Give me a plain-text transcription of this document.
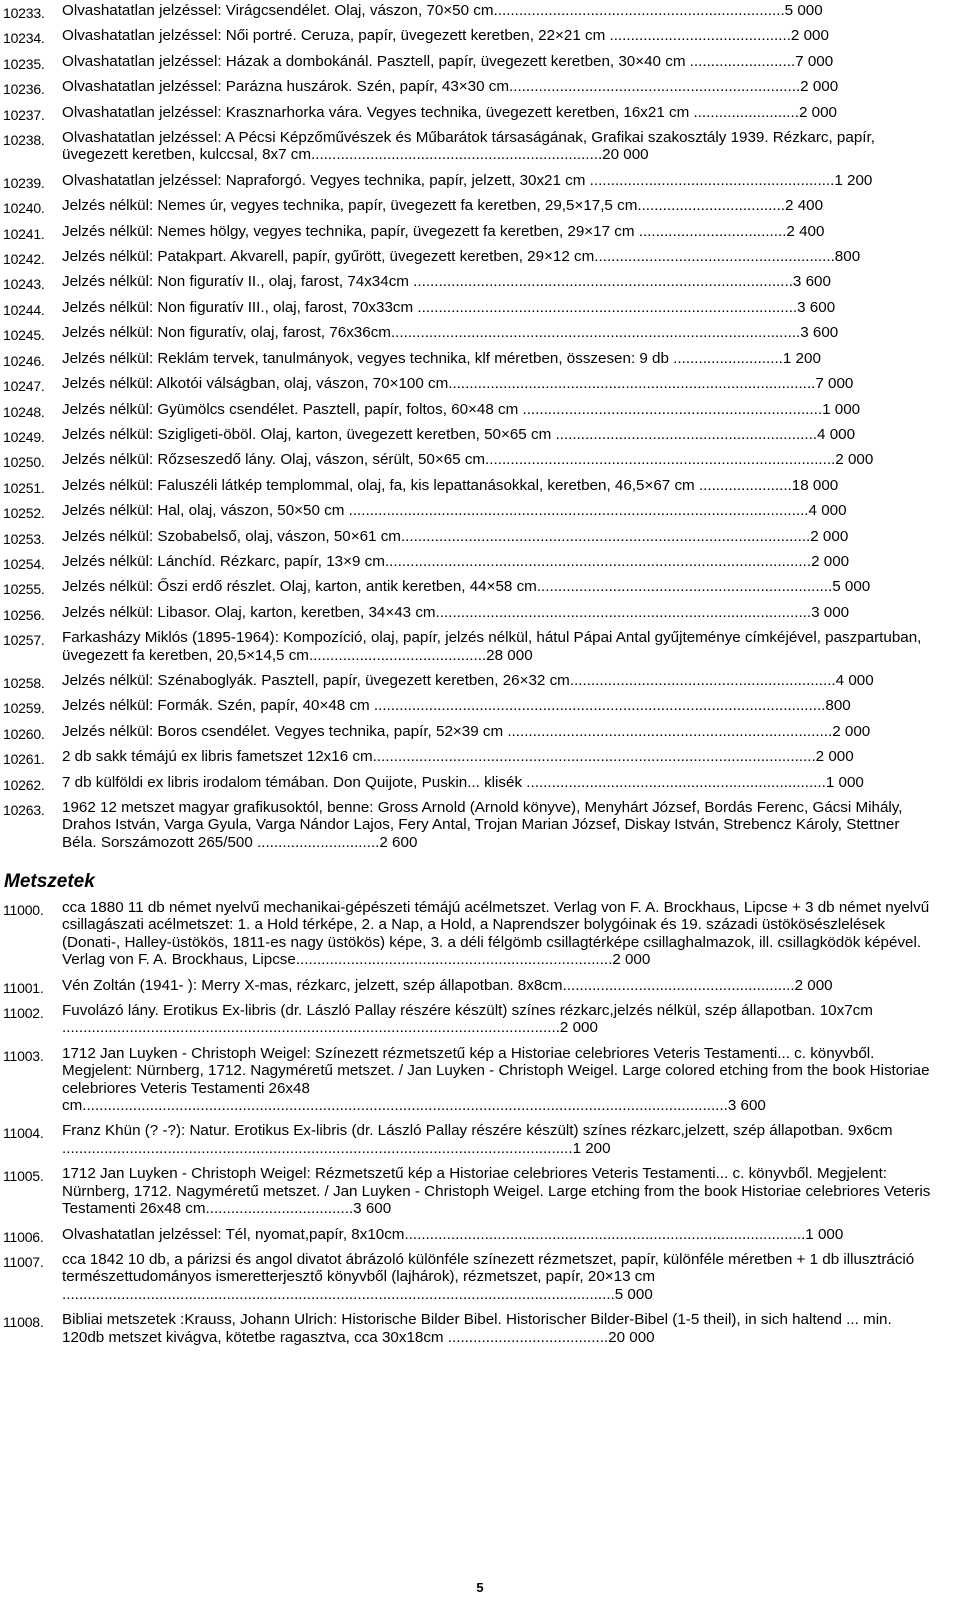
10233. Olvashatatlan jelzéssel: Virágcsendélet. Olaj, vászon, 70×50 cm.....................................................................5 000
10234. Olvashatatlan jelzéssel: Női portré. Ceruza, papír, üvegezett keretben, 22×21 cm ...........................................2 000
10235. Olvashatatlan jelzéssel: Házak a dombokánál. Pasztell, papír, üvegezett keretben, 30×40 cm .........................7 000
10236. Olvashatatlan jelzéssel: Parázna huszárok. Szén, papír, 43×30 cm.....................................................................2 000
10237. Olvashatatlan jelzéssel: Krasznarhorka vára. Vegyes technika, üvegezett keretben, 16x21 cm .........................2 000
10238. Olvashatatlan jelzéssel: A Pécsi Képzőművészek és Műbarátok társaságának, Grafikai szakosztály 1939. Rézkarc, papír, üvegezett keretben, kulccsal, 8x7 cm.....................................................................20 000
10239. Olvashatatlan jelzéssel: Napraforgó. Vegyes technika, papír, jelzett, 30x21 cm ..........................................................1 200
10240. Jelzés nélkül: Nemes úr, vegyes technika, papír, üvegezett fa keretben, 29,5×17,5 cm...................................2 400
10241. Jelzés nélkül: Nemes hölgy, vegyes technika, papír, üvegezett fa keretben, 29×17 cm ...................................2 400
10242. Jelzés nélkül: Patakpart. Akvarell, papír, gyűrött, üvegezett keretben, 29×12 cm.........................................................800
10243. Jelzés nélkül: Non figuratív II., olaj, farost, 74x34cm ..........................................................................................3 600
10244. Jelzés nélkül: Non figuratív III., olaj, farost, 70x33cm ..........................................................................................3 600
10245. Jelzés nélkül: Non figuratív, olaj, farost, 76x36cm.................................................................................................3 600
10246. Jelzés nélkül: Reklám tervek, tanulmányok, vegyes technika, klf méretben, összesen: 9 db ..........................1 200
10247. Jelzés nélkül: Alkotói válságban, olaj, vászon, 70×100 cm.......................................................................................7 000
10248. Jelzés nélkül: Gyümölcs csendélet. Pasztell, papír, foltos, 60×48 cm .......................................................................1 000
10249. Jelzés nélkül: Szigligeti-öböl. Olaj, karton, üvegezett keretben, 50×65 cm ..............................................................4 000
10250. Jelzés nélkül: Rőzseszedő lány. Olaj, vászon, sérült, 50×65 cm...................................................................................2 000
10251. Jelzés nélkül: Faluszéli látkép templommal, olaj, fa, kis lepattanásokkal, keretben, 46,5×67 cm ......................18 000
10252. Jelzés nélkül: Hal, olaj, vászon, 50×50 cm .............................................................................................................4 000
10253. Jelzés nélkül: Szobabelső, olaj, vászon, 50×61 cm.................................................................................................2 000
10254. Jelzés nélkül: Lánchíd. Rézkarc, papír, 13×9 cm.....................................................................................................2 000
10255. Jelzés nélkül: Őszi erdő részlet. Olaj, karton, antik keretben, 44×58 cm......................................................................5 000
10256. Jelzés nélkül: Libasor. Olaj, karton, keretben, 34×43 cm.........................................................................................3 000
10257. Farkasházy Miklós (1895-1964): Kompozíció, olaj, papír, jelzés nélkül, hátul Pápai Antal gyűjteménye címkéjével, paszpartuban, üvegezett fa keretben, 20,5×14,5 cm..........................................28 000
10258. Jelzés nélkül: Szénaboglyák. Pasztell, papír, üvegezett keretben, 26×32 cm...............................................................4 000
10259. Jelzés nélkül: Formák. Szén, papír, 40×48 cm ...........................................................................................................800
10260. Jelzés nélkül: Boros csendélet. Vegyes technika, papír, 52×39 cm .............................................................................2 000
10261. 2 db sakk témájú ex libris fametszet 12x16 cm.........................................................................................................2 000
10262. 7 db külföldi ex libris irodalom témában. Don Quijote, Puskin... klisék .......................................................................1 000
10263. 1962 12 metszet magyar grafikusoktól, benne: Gross Arnold (Arnold könyve), Menyhárt József, Bordás Ferenc, Gácsi Mihály, Drahos István, Varga Gyula, Varga Nándor Lajos, Fery Antal, Trojan Marian József, Diskay István, Strebencz Károly, Stettner Béla. Sorszámozott 265/500 .............................2 600
Metszetek
11000. cca 1880 11 db német nyelvű mechanikai-gépészeti témájú acélmetszet. Verlag von F. A. Brockhaus, Lipcse + 3 db német nyelvű csillagászati acélmetszet: 1. a Hold térképe, 2. a Nap, a Hold, a Naprendszer bolygóinak és 19. századi üstökösészlelések (Donati-, Halley-üstökös, 1811-es nagy üstökös) képe, 3. a déli félgömb csillagtérképe csillaghalmazok, ill. csillagködök képével. Verlag von F. A. Brockhaus, Lipcse...........................................................................2 000
11001. Vén Zoltán (1941- ): Merry X-mas, rézkarc, jelzett, szép állapotban. 8x8cm.......................................................2 000
11002. Fuvolázó lány. Erotikus Ex-libris (dr. László Pallay részére készült) színes rézkarc,jelzés nélkül, szép állapotban. 10x7cm ......................................................................................................................2 000
11003. 1712 Jan Luyken - Christoph Weigel: Színezett rézmetszetű kép a Historiae celebriores Veteris Testamenti... c. könyvből. Megjelent: Nürnberg, 1712. Nagyméretű metszet. / Jan Luyken - Christoph Weigel. Large colored etching from the book Historiae celebriores Veteris Testamenti 26x48 cm.........................................................................................................................................................3 600
11004. Franz Khün (? -?): Natur. Erotikus Ex-libris (dr. László Pallay részére készült) színes rézkarc,jelzett, szép állapotban. 9x6cm .........................................................................................................................1 200
11005. 1712 Jan Luyken - Christoph Weigel: Rézmetszetű kép a Historiae celebriores Veteris Testamenti... c. könyvből. Megjelent: Nürnberg, 1712. Nagyméretű metszet. / Jan Luyken - Christoph Weigel. Large etching from the book Historiae celebriores Veteris Testamenti 26x48 cm...................................3 600
11006. Olvashatatlan jelzéssel: Tél, nyomat,papír, 8x10cm...............................................................................................1 000
11007. cca 1842 10 db, a párizsi és angol divatot ábrázoló különféle színezett rézmetszet, papír, különféle méretben + 1 db illusztráció természettudományos ismeretterjesztő könyvből (lajhárok), rézmetszet, papír, 20×13 cm ...................................................................................................................................5 000
11008. Bibliai metszetek :Krauss, Johann Ulrich: Historische Bilder Bibel. Historischer Bilder-Bibel (1-5 theil), in sich haltend ... min. 120db metszet kivágva, kötetbe ragasztva, cca 30x18cm ......................................20 000
5
